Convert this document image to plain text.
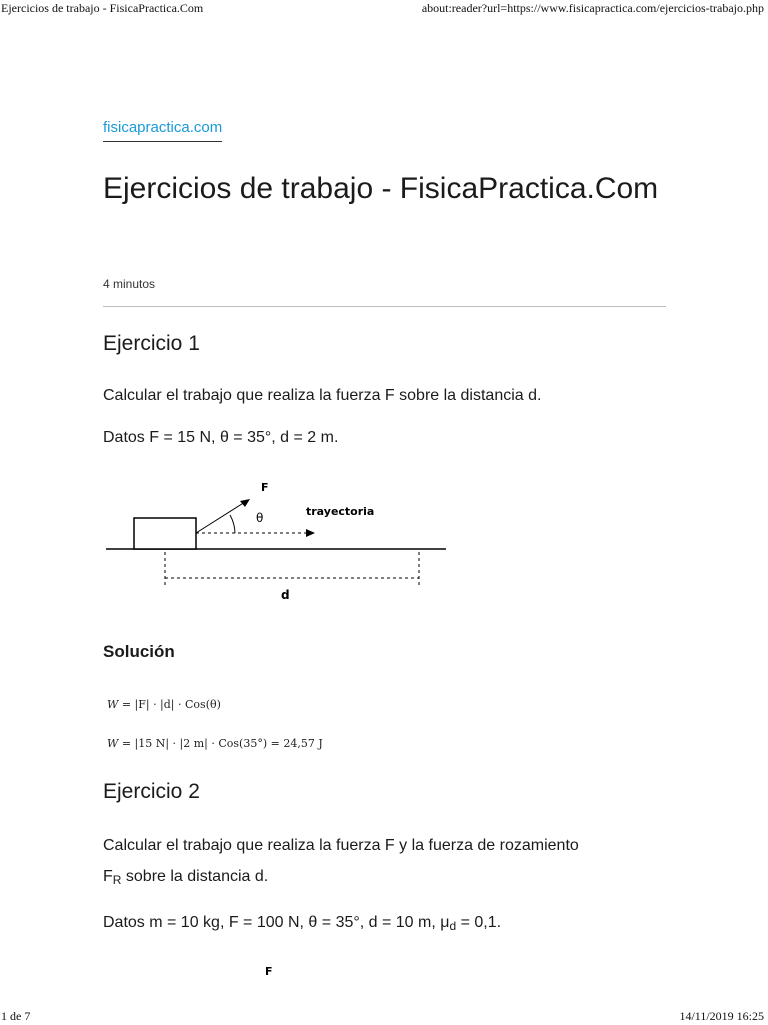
Ejercicios de trabajo - FisicaPractica.Com	about:reader?url=https://www.fisicapractica.com/ejercicios-trabajo.php
fisicapractica.com
Ejercicios de trabajo - FisicaPractica.Com
4 minutos
Ejercicio 1

Calcular el trabajo que realiza la fuerza F sobre la distancia d.

Datos F = 15 N, θ = 35°, d = 2 m.

Solución
W = |F| · |d| · Cos(θ)
W = |15 N| · |2 m| · Cos(35°) = 24,57 J
Ejercicio 2

Calcular el trabajo que realiza la fuerza F y la fuerza de rozamiento
$F_R$ sobre la distancia d.

Datos m = 10 kg, F = 100 N, θ = 35°, d = 10 m, $\mu_d = 0,1$.

F
θ	trayectoria
d
F
1 de 7	14/11/2019 16:25
